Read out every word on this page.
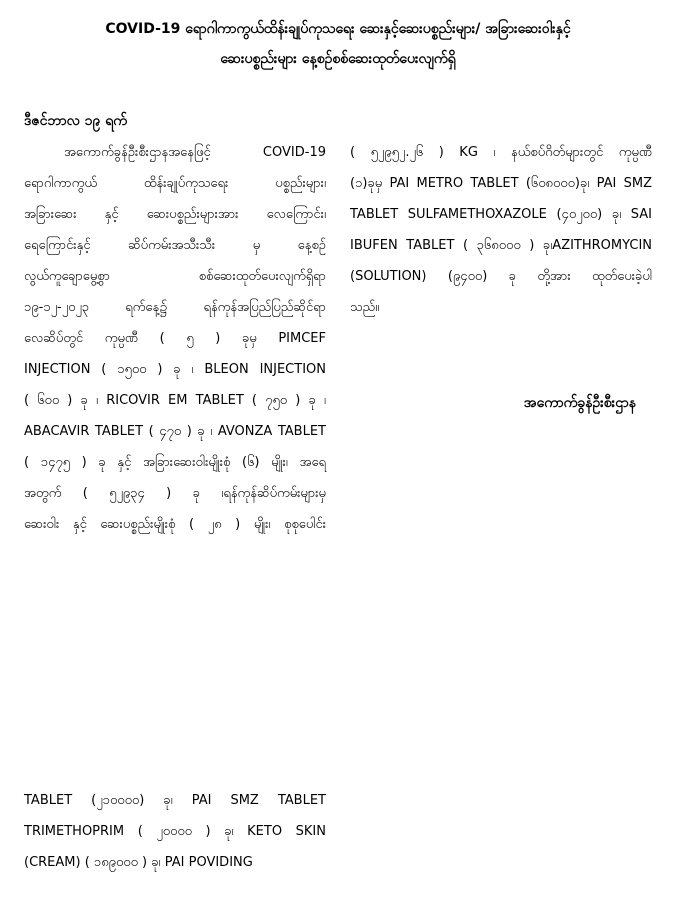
COVID-19 ရောဂါကာကွယ်ထိန်းချုပ်ကုသရေး ဆေးနှင့်ဆေးပစ္စည်းများ/ အခြားဆေးဝါးနှင့်
ဆေးပစ္စည်းများ နေ့စဉ်စစ်ဆေးထုတ်ပေးလျက်ရှိ
ဒီဇင်ဘာလ ၁၉ ရက်
အကောက်ခွန်ဦးစီးဌာနအနေဖြင့် COVID-19
ရောဂါကာကွယ် ထိန်းချုပ်ကုသရေး ပစ္စည်းများ၊
အခြားဆေး နှင့် ဆေးပစ္စည်းများအား လေကြောင်း၊
ရေကြောင်းနှင့် ဆိပ်ကမ်းအသီးသီး မှ နေ့စဉ်
လွယ်ကူချောမွေ့စွာ စစ်ဆေးထုတ်ပေးလျက်ရှိရာ
၁၉-၁၂-၂၀၂၃ ရက်နေ့၌ ရန်ကုန်အပြည်ပြည်ဆိုင်ရာ
လေဆိပ်တွင် ကုမ္ပဏီ ( ၅ ) ခုမှ PIMCEF
INJECTION ( ၁၅၀၀ ) ခု ၊ BLEON INJECTION
( ၆၀၀ ) ခု ၊ RICOVIR EM TABLET ( ၇၅၀ ) ခု ၊
ABACAVIR TABLET ( ၄၇၀ ) ခု ၊ AVONZA TABLET
( ၁၄၇၅ ) ခု နှင့် အခြားဆေးဝါးမျိုးစုံ (၆) မျိုး၊ အရေ
အတွက် ( ၅၂၉၃၄ ) ခု ၊ရန်ကုန်ဆိပ်ကမ်းများမှ
ဆေးဝါး နှင့် ဆေးပစ္စည်းမျိုးစုံ ( ၂၈ ) မျိုး၊ စုစုပေါင်း
TABLET (၂၁၀၀၀၀) ခု၊ PAI SMZ TABLET
TRIMETHOPRIM ( ၂၀၀၀၀ ) ခု၊ KETO SKIN
(CREAM) ( ၁၈၉၀၀၀ ) ခု၊ PAI POVIDING
( ၅၂၉၅၂.၂၆ ) KG ၊ နယ်စပ်ဂိတ်များတွင် ကုမ္ပဏီ
(၁)ခုမှ PAI METRO TABLET (၆၀၈၀၀၀)ခု၊ PAI SMZ
TABLET SULFAMETHOXAZOLE (၄၀၂၀၀) ခု၊ SAI
IBUFEN TABLET ( ၃၆၈၀၀၀ ) ခု၊AZITHROMYCIN
(SOLUTION) (၉၄၀၀) ခု တို့အား ထုတ်ပေးခဲ့ပါ
သည်။
အကောက်ခွန်ဦးစီးဌာန
